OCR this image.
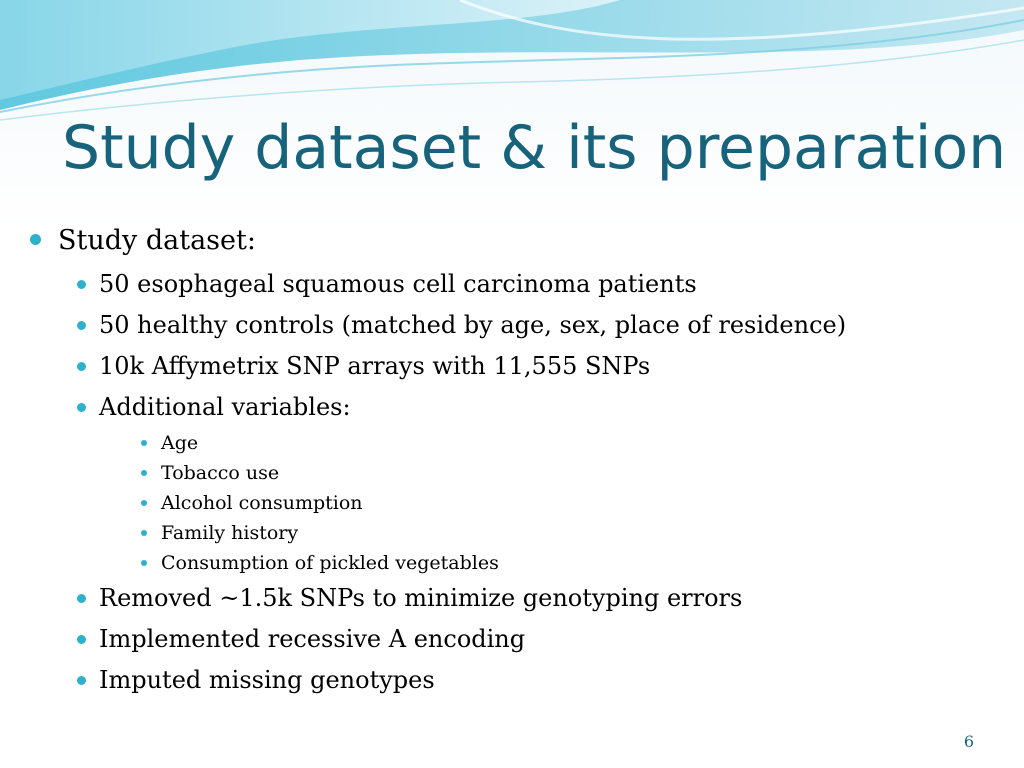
Study dataset & its preparation
Study dataset:
50 esophageal squamous cell carcinoma patients
50 healthy controls (matched by age, sex, place of residence)
10k Affymetrix SNP arrays with 11,555 SNPs
Additional variables:
Age
Tobacco use
Alcohol consumption
Family history
Consumption of pickled vegetables
Removed ~1.5k SNPs to minimize genotyping errors
Implemented recessive A encoding
Imputed missing genotypes
6
